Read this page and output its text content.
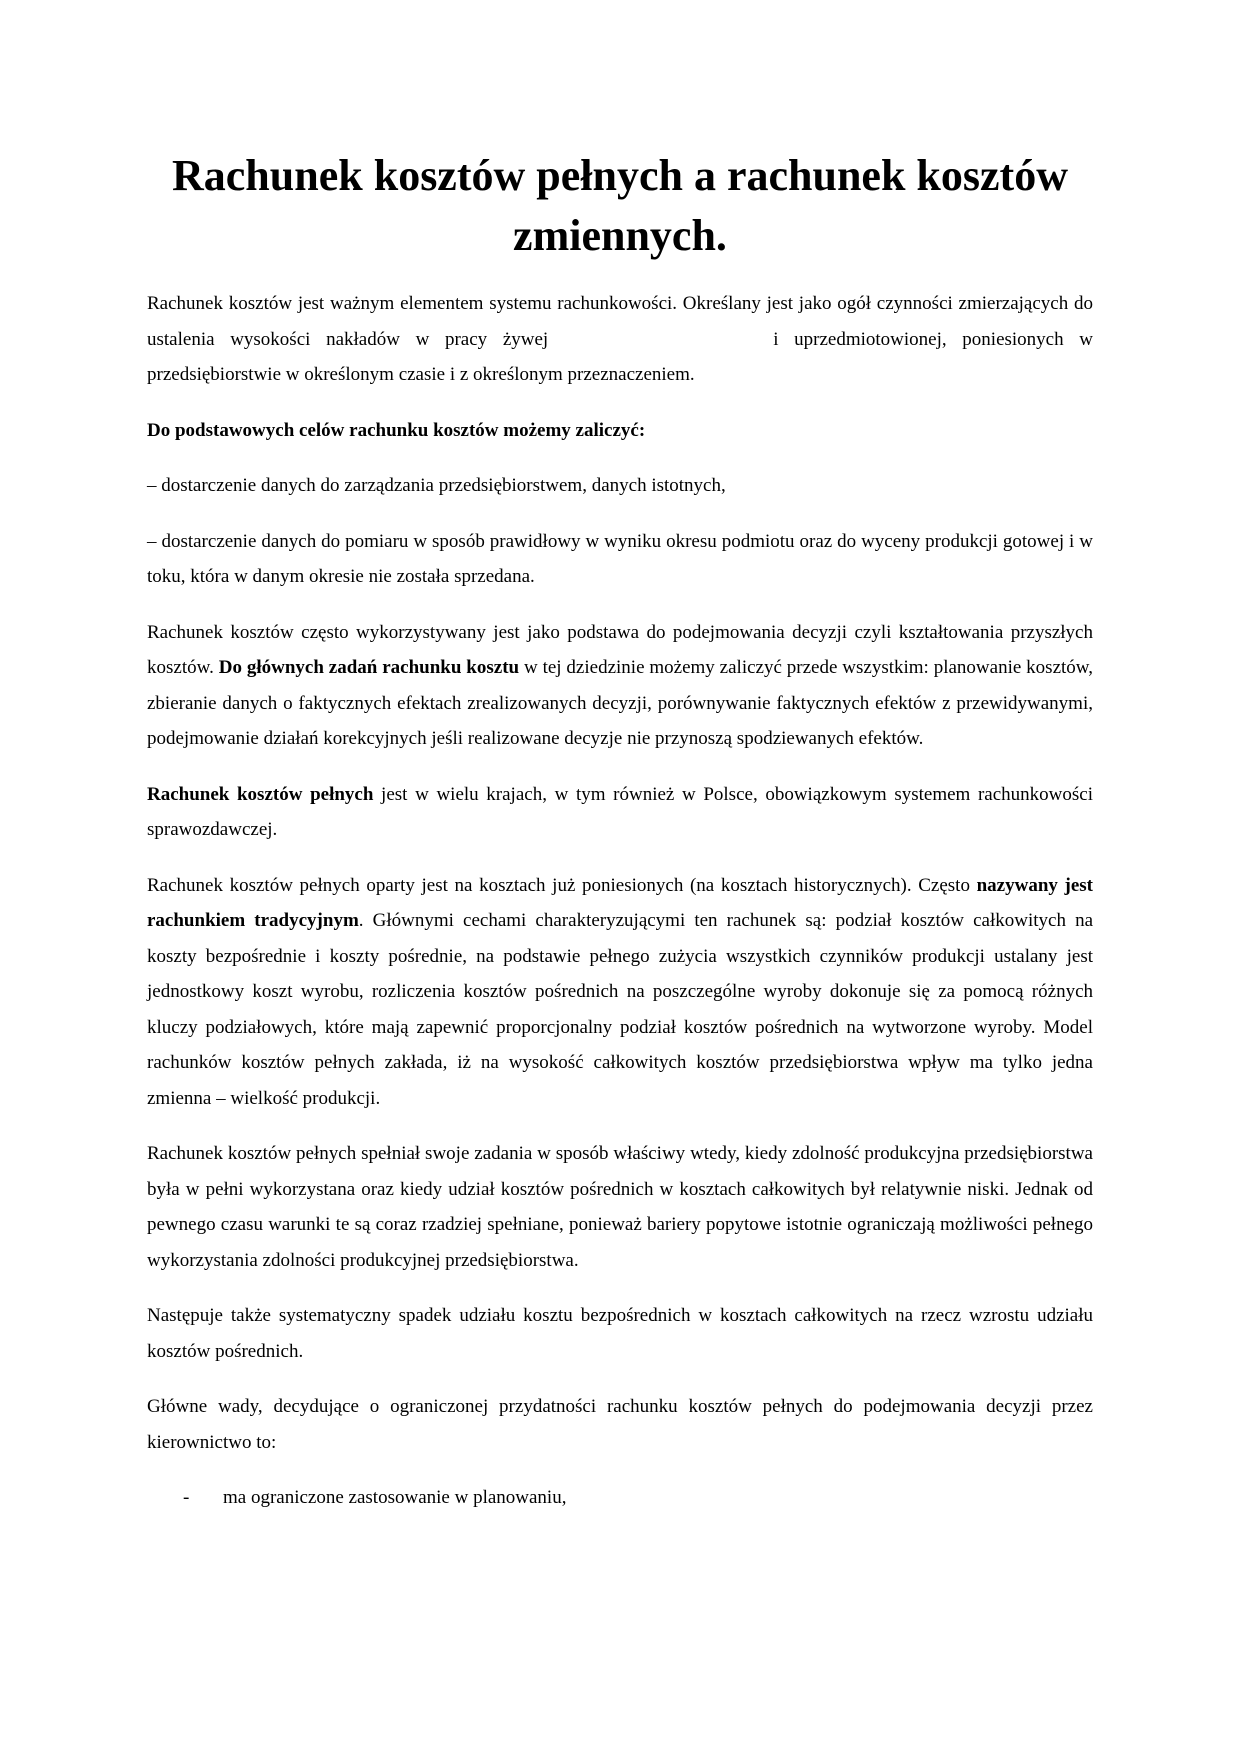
Rachunek kosztów pełnych a rachunek kosztów zmiennych.

Rachunek kosztów jest ważnym elementem systemu rachunkowości. Określany jest jako ogół czynności zmierzających do ustalenia wysokości nakładów w pracy żywej	i uprzedmiotowionej, poniesionych w przedsiębiorstwie w określonym czasie i z określonym przeznaczeniem.

Do podstawowych celów rachunku kosztów możemy zaliczyć:

– dostarczenie danych do zarządzania przedsiębiorstwem, danych istotnych,

– dostarczenie danych do pomiaru w sposób prawidłowy w wyniku okresu podmiotu oraz do wyceny produkcji gotowej i w toku, która w danym okresie nie została sprzedana.

Rachunek kosztów często wykorzystywany jest jako podstawa do podejmowania decyzji czyli kształtowania przyszłych kosztów. Do głównych zadań rachunku kosztu w tej dziedzinie możemy zaliczyć przede wszystkim: planowanie kosztów, zbieranie danych o faktycznych efektach zrealizowanych decyzji, porównywanie faktycznych efektów z przewidywanymi, podejmowanie działań korekcyjnych jeśli realizowane decyzje nie przynoszą spodziewanych efektów.

Rachunek kosztów pełnych jest w wielu krajach, w tym również w Polsce, obowiązkowym systemem rachunkowości sprawozdawczej.

Rachunek kosztów pełnych oparty jest na kosztach już poniesionych (na kosztach historycznych). Często nazywany jest rachunkiem tradycyjnym. Głównymi cechami charakteryzującymi ten rachunek są: podział kosztów całkowitych na koszty bezpośrednie i koszty pośrednie, na podstawie pełnego zużycia wszystkich czynników produkcji ustalany jest jednostkowy koszt wyrobu, rozliczenia kosztów pośrednich na poszczególne wyroby dokonuje się za pomocą różnych kluczy podziałowych, które mają zapewnić proporcjonalny podział kosztów pośrednich na wytworzone wyroby. Model rachunków kosztów pełnych zakłada, iż na wysokość całkowitych kosztów przedsiębiorstwa wpływ ma tylko jedna zmienna – wielkość produkcji.

Rachunek kosztów pełnych spełniał swoje zadania w sposób właściwy wtedy, kiedy zdolność produkcyjna przedsiębiorstwa była w pełni wykorzystana oraz kiedy udział kosztów pośrednich w kosztach całkowitych był relatywnie niski. Jednak od pewnego czasu warunki te są coraz rzadziej spełniane, ponieważ bariery popytowe istotnie ograniczają możliwości pełnego wykorzystania zdolności produkcyjnej przedsiębiorstwa.

Następuje także systematyczny spadek udziału kosztu bezpośrednich w kosztach całkowitych na rzecz wzrostu udziału kosztów pośrednich.

Główne wady, decydujące o ograniczonej przydatności rachunku kosztów pełnych do podejmowania decyzji przez kierownictwo to:

- ma ograniczone zastosowanie w planowaniu,
